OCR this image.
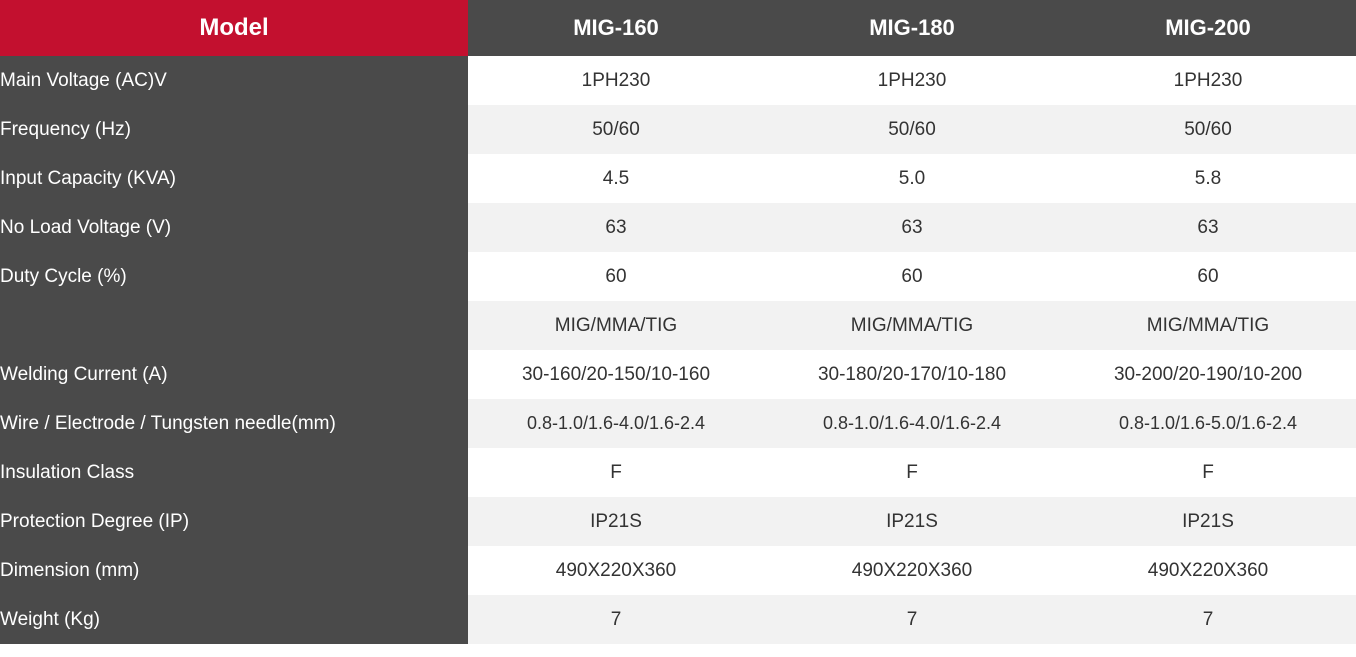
Model	MIG-160	MIG-180	MIG-200
Main Voltage (AC)V	1PH230	1PH230	1PH230
Frequency (Hz)	50/60	50/60	50/60
Input Capacity (KVA)	4.5	5.0	5.8
No Load Voltage (V)	63	63	63
Duty Cycle (%)	60	60	60
	MIG/MMA/TIG	MIG/MMA/TIG	MIG/MMA/TIG
Welding Current (A)	30-160/20-150/10-160	30-180/20-170/10-180	30-200/20-190/10-200
Wire / Electrode / Tungsten needle(mm)	0.8-1.0/1.6-4.0/1.6-2.4	0.8-1.0/1.6-4.0/1.6-2.4	0.8-1.0/1.6-5.0/1.6-2.4
Insulation Class	F	F	F
Protection Degree (IP)	IP21S	IP21S	IP21S
Dimension (mm)	490X220X360	490X220X360	490X220X360
Weight (Kg)	7	7	7
